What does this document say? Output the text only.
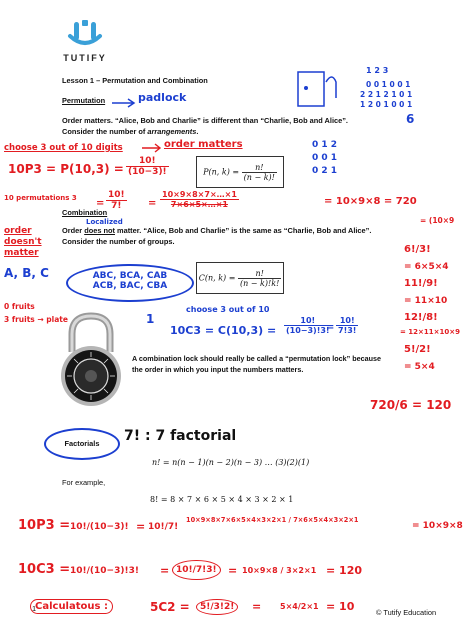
TUTIFY
Lesson 1 – Permutation and Combination
Permutation	padlock
Order matters. “Alice, Bob and Charlie” is different than “Charlie, Bob and Alice”.
Consider the number of arrangements.
choose 3 out of 10 digits	order matters
P(n, $k) = \frac{n!}{(n - k)!}$
$10P3 = P(10,3) = \frac{10!}{(10-3)!}$
10 permutations $3 = \frac{10!}{7!} = \frac{10\times 9\times 8\times 7\times\dots\times 1}{7\times 6\times 5\times\dots\times 1}$	= 10×9×8 = 720
1 2 3
0 0 1 0 0 1
2 2 1 2 1 0 1
1 2 0 1 0 0 1
6
0 1 2
0 0 1
0 2 1
Combination
Localized
order doesn't matter
Order does not matter. “Alice, Bob and Charlie” is the same as “Charlie, Bob and Alice”.
Consider the number of groups.
A, B, C	ABC, BCA, CAB
ACB, BAC, CBA
0 fruits
3 fruits → plate	1
C(n, $k) = \frac{n!}{(n - k)!k!}$
choose 3 out of 10
$10C3 = C(10,3) = \frac{10!}{(10-3)!3!}$
= $\frac{10!}{7!3!}$
= (10×9
6!/3!
= 6×5×4
11!/9!
= 11×10
12!/8!
= 12×11×10×9
5!/2!
= 5×4
720/6 = 120
A combination lock should really be called a “permutation lock” because
the order in which you input the numbers matters.
Factorials	7! : 7 factorial
n! = n(n − 1)(n − 2)(n − 3) … (3)(2)(1)
For example,
8! = 8 × 7 × 6 × 5 × 4 × 3 × 2 × 1
10P3 = 10!/(10−3)! = 10!/7!
10×9×8×7×6×5×4×3×2×1 / 7×6×5×4×3×2×1
= 10×9×8
10C3 = 10!/(10−3)!3! = 10!/7!3!	= 10×9×8 / 3×2×1 = 120
Calculatous :	5C2 =	5!/3!2!	= 5×4/2×1 = 10
1	© Tutify Education
